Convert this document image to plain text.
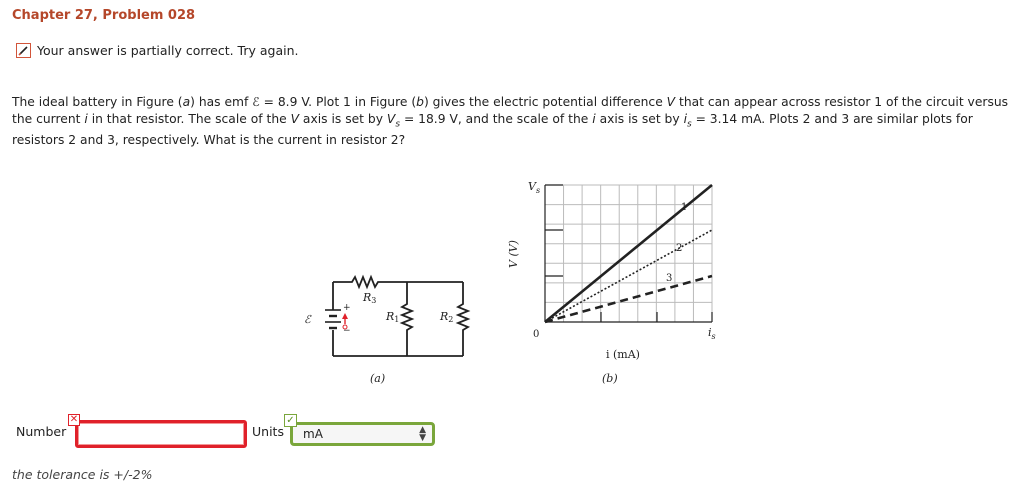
Chapter 27, Problem 028
Your answer is partially correct. Try again.
The ideal battery in Figure (a) has emf ℰ = 8.9 V. Plot 1 in Figure (b) gives the electric potential difference V that can appear across resistor 1 of the circuit versus the current i in that resistor. The scale of the V axis is set by $V_s = 18.9$ V, and the scale of the i axis is set by $i_s = 3.14$ mA. Plots 2 and 3 are similar plots for resistors 2 and 3, respectively. What is the current in resistor 2?
ℰ
+
−
R3
R1	R2
1
2
3
$V_s$
$i_s$
0
V (V)
i (mA)
(a)	(b)
Number
✕
Units mA	▲
▼
✓
the tolerance is +/-2%
